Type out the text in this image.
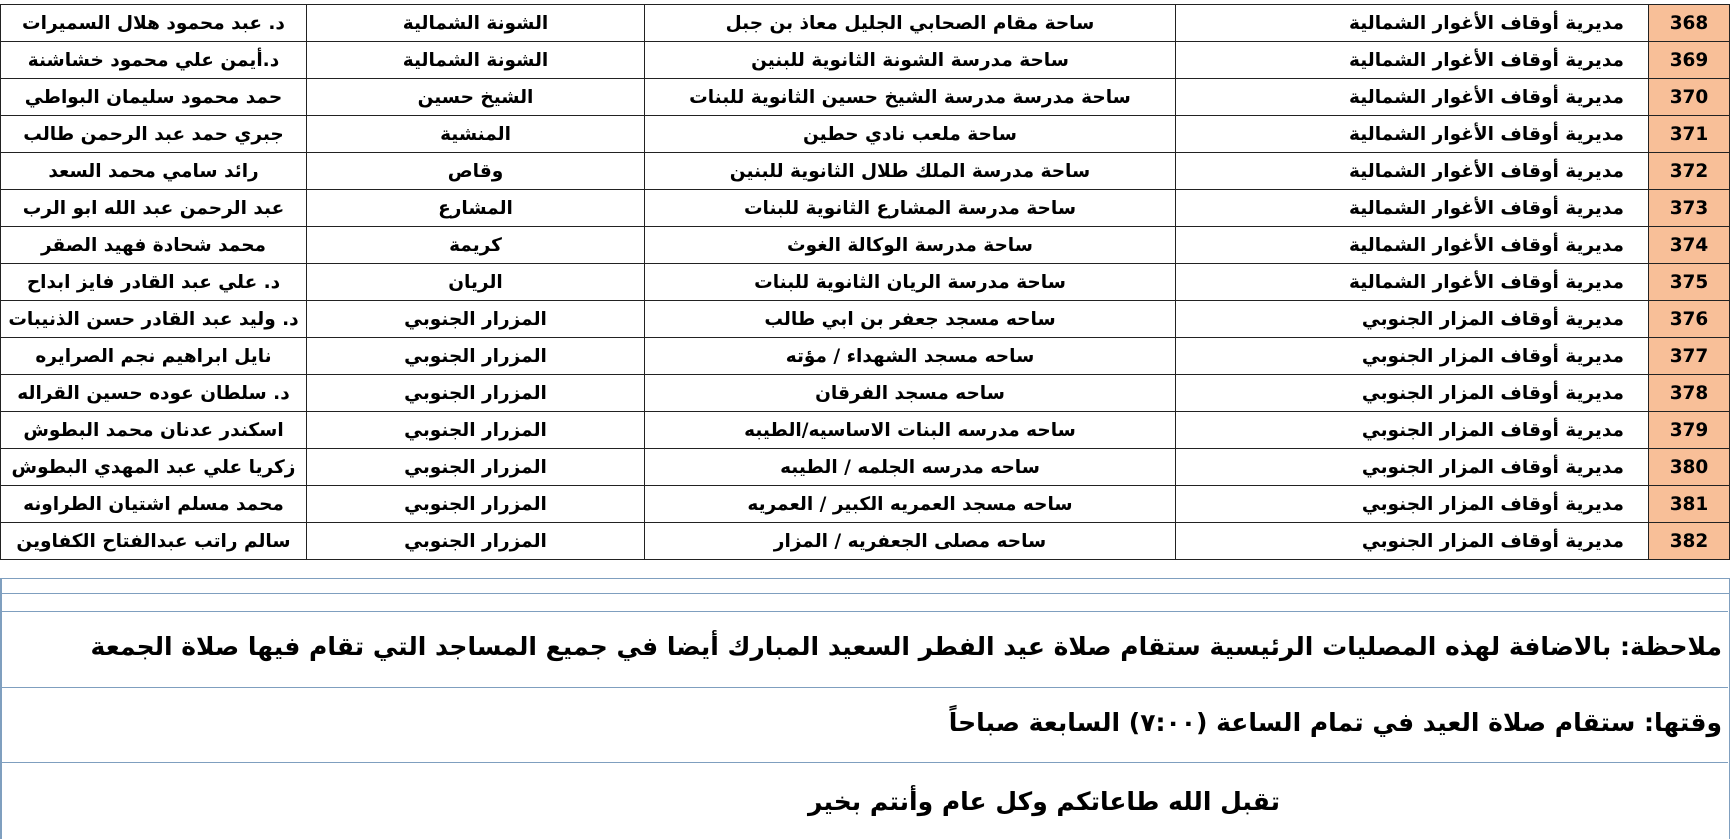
368	مديرية أوقاف الأغوار الشمالية	ساحة مقام الصحابي الجليل معاذ بن جبل	الشونة الشمالية	د. عبد محمود هلال السميرات
369	مديرية أوقاف الأغوار الشمالية	ساحة مدرسة الشونة الثانوية للبنين	الشونة الشمالية	د.أيمن علي محمود خشاشنة
370	مديرية أوقاف الأغوار الشمالية	ساحة مدرسة مدرسة الشيخ حسين الثانوية للبنات	الشيخ حسين	حمد محمود سليمان البواطي
371	مديرية أوقاف الأغوار الشمالية	ساحة ملعب نادي حطين	المنشية	جبري حمد عبد الرحمن طالب
372	مديرية أوقاف الأغوار الشمالية	ساحة مدرسة الملك طلال الثانوية للبنين	وقاص	رائد سامي محمد السعد
373	مديرية أوقاف الأغوار الشمالية	ساحة مدرسة المشارع الثانوية للبنات	المشارع	عبد الرحمن عبد الله ابو الرب
374	مديرية أوقاف الأغوار الشمالية	ساحة مدرسة الوكالة الغوث	كريمة	محمد شحادة فهيد الصقر
375	مديرية أوقاف الأغوار الشمالية	ساحة مدرسة الريان الثانوية للبنات	الريان	د. علي عبد القادر فايز ابداح
376	مديرية أوقاف المزار الجنوبي	ساحه مسجد جعفر بن ابي طالب	المزرار الجنوبي	د. وليد عبد القادر حسن الذنيبات
377	مديرية أوقاف المزار الجنوبي	ساحه مسجد الشهداء / مؤته	المزرار الجنوبي	نايل ابراهيم نجم الصرايره
378	مديرية أوقاف المزار الجنوبي	ساحه مسجد الفرقان	المزرار الجنوبي	د. سلطان عوده حسين القراله
379	مديرية أوقاف المزار الجنوبي	ساحه مدرسه البنات الاساسيه/الطيبه	المزرار الجنوبي	اسكندر عدنان محمد البطوش
380	مديرية أوقاف المزار الجنوبي	ساحه مدرسه الجلمه / الطيبه	المزرار الجنوبي	زكريا علي عبد المهدي البطوش
381	مديرية أوقاف المزار الجنوبي	ساحه مسجد العمريه الكبير / العمريه	المزرار الجنوبي	محمد مسلم اشتيان الطراونه
382	مديرية أوقاف المزار الجنوبي	ساحه مصلى الجعفريه / المزار	المزرار الجنوبي	سالم راتب عبدالفتاح الكفاوين
ملاحظة: بالاضافة لهذه المصليات الرئيسية ستقام صلاة عيد الفطر السعيد المبارك أيضا في جميع المساجد التي تقام فيها صلاة الجمعة
وقتها: ستقام صلاة العيد في تمام الساعة (٧:٠٠) السابعة صباحاً
تقبل الله طاعاتكم وكل عام وأنتم بخير
